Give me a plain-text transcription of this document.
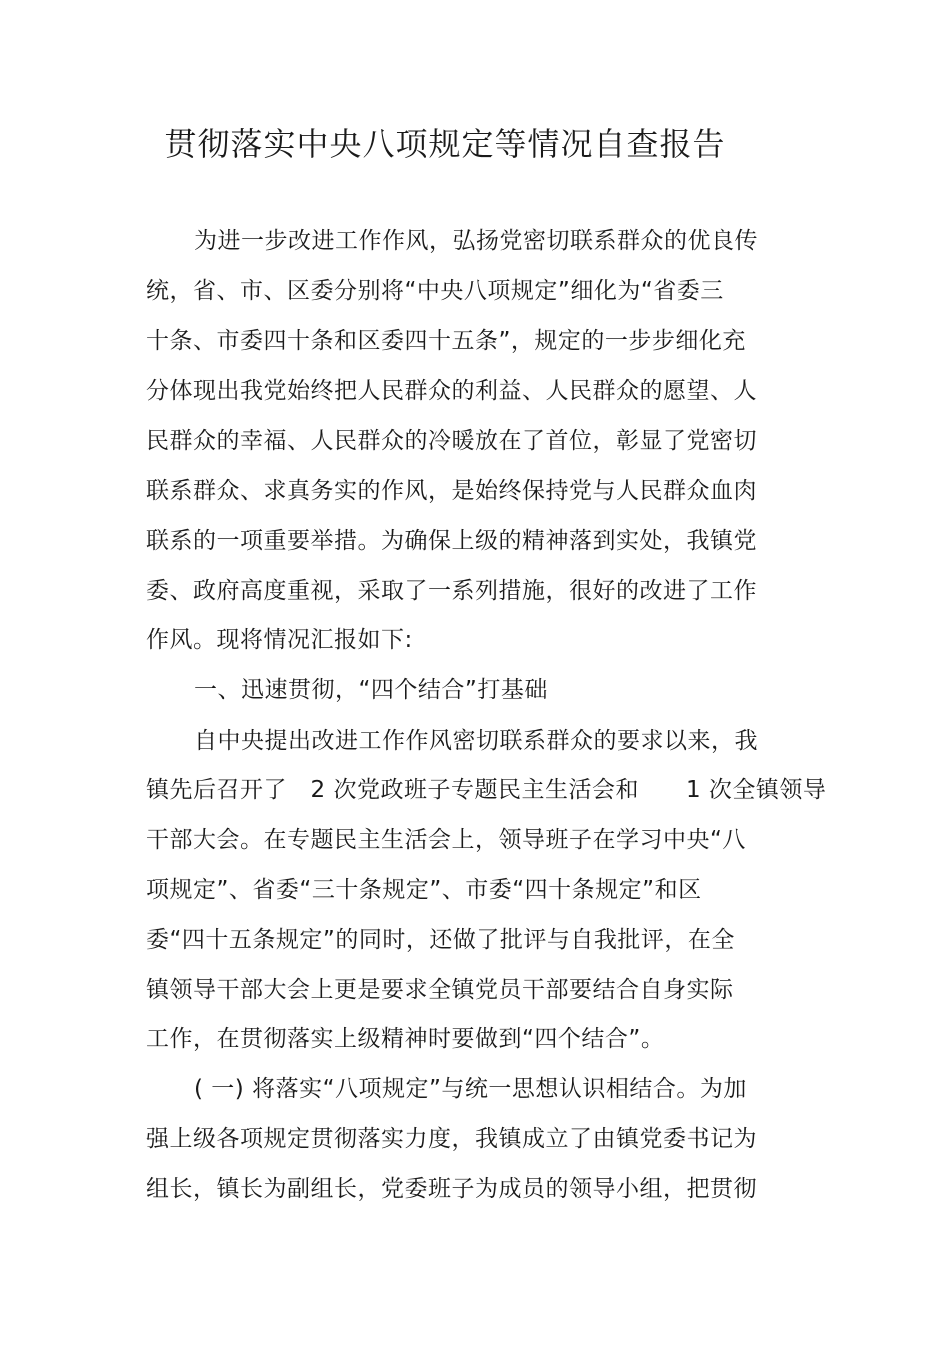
贯彻落实中央八项规定等情况自查报告
为进一步改进工作作风，弘扬党密切联系群众的优良传
统，省、市、区委分别将“中央八项规定”细化为“省委三
十条、市委四十条和区委四十五条”，规定的一步步细化充
分体现出我党始终把人民群众的利益、人民群众的愿望、人
民群众的幸福、人民群众的冷暖放在了首位，彰显了党密切
联系群众、求真务实的作风，是始终保持党与人民群众血肉
联系的一项重要举措。为确保上级的精神落到实处，我镇党
委、政府高度重视，采取了一系列措施，很好的改进了工作
作风。现将情况汇报如下:
一、迅速贯彻，“四个结合”打基础
自中央提出改进工作作风密切联系群众的要求以来，我
镇先后召开了　2 次党政班子专题民主生活会和　　1 次全镇领导
干部大会。在专题民主生活会上，领导班子在学习中央“八
项规定”、省委“三十条规定”、市委“四十条规定”和区
委“四十五条规定”的同时，还做了批评与自我批评，在全
镇领导干部大会上更是要求全镇党员干部要结合自身实际
工作，在贯彻落实上级精神时要做到“四个结合”。
( 一) 将落实“八项规定”与统一思想认识相结合。为加
强上级各项规定贯彻落实力度，我镇成立了由镇党委书记为
组长，镇长为副组长，党委班子为成员的领导小组，把贯彻
